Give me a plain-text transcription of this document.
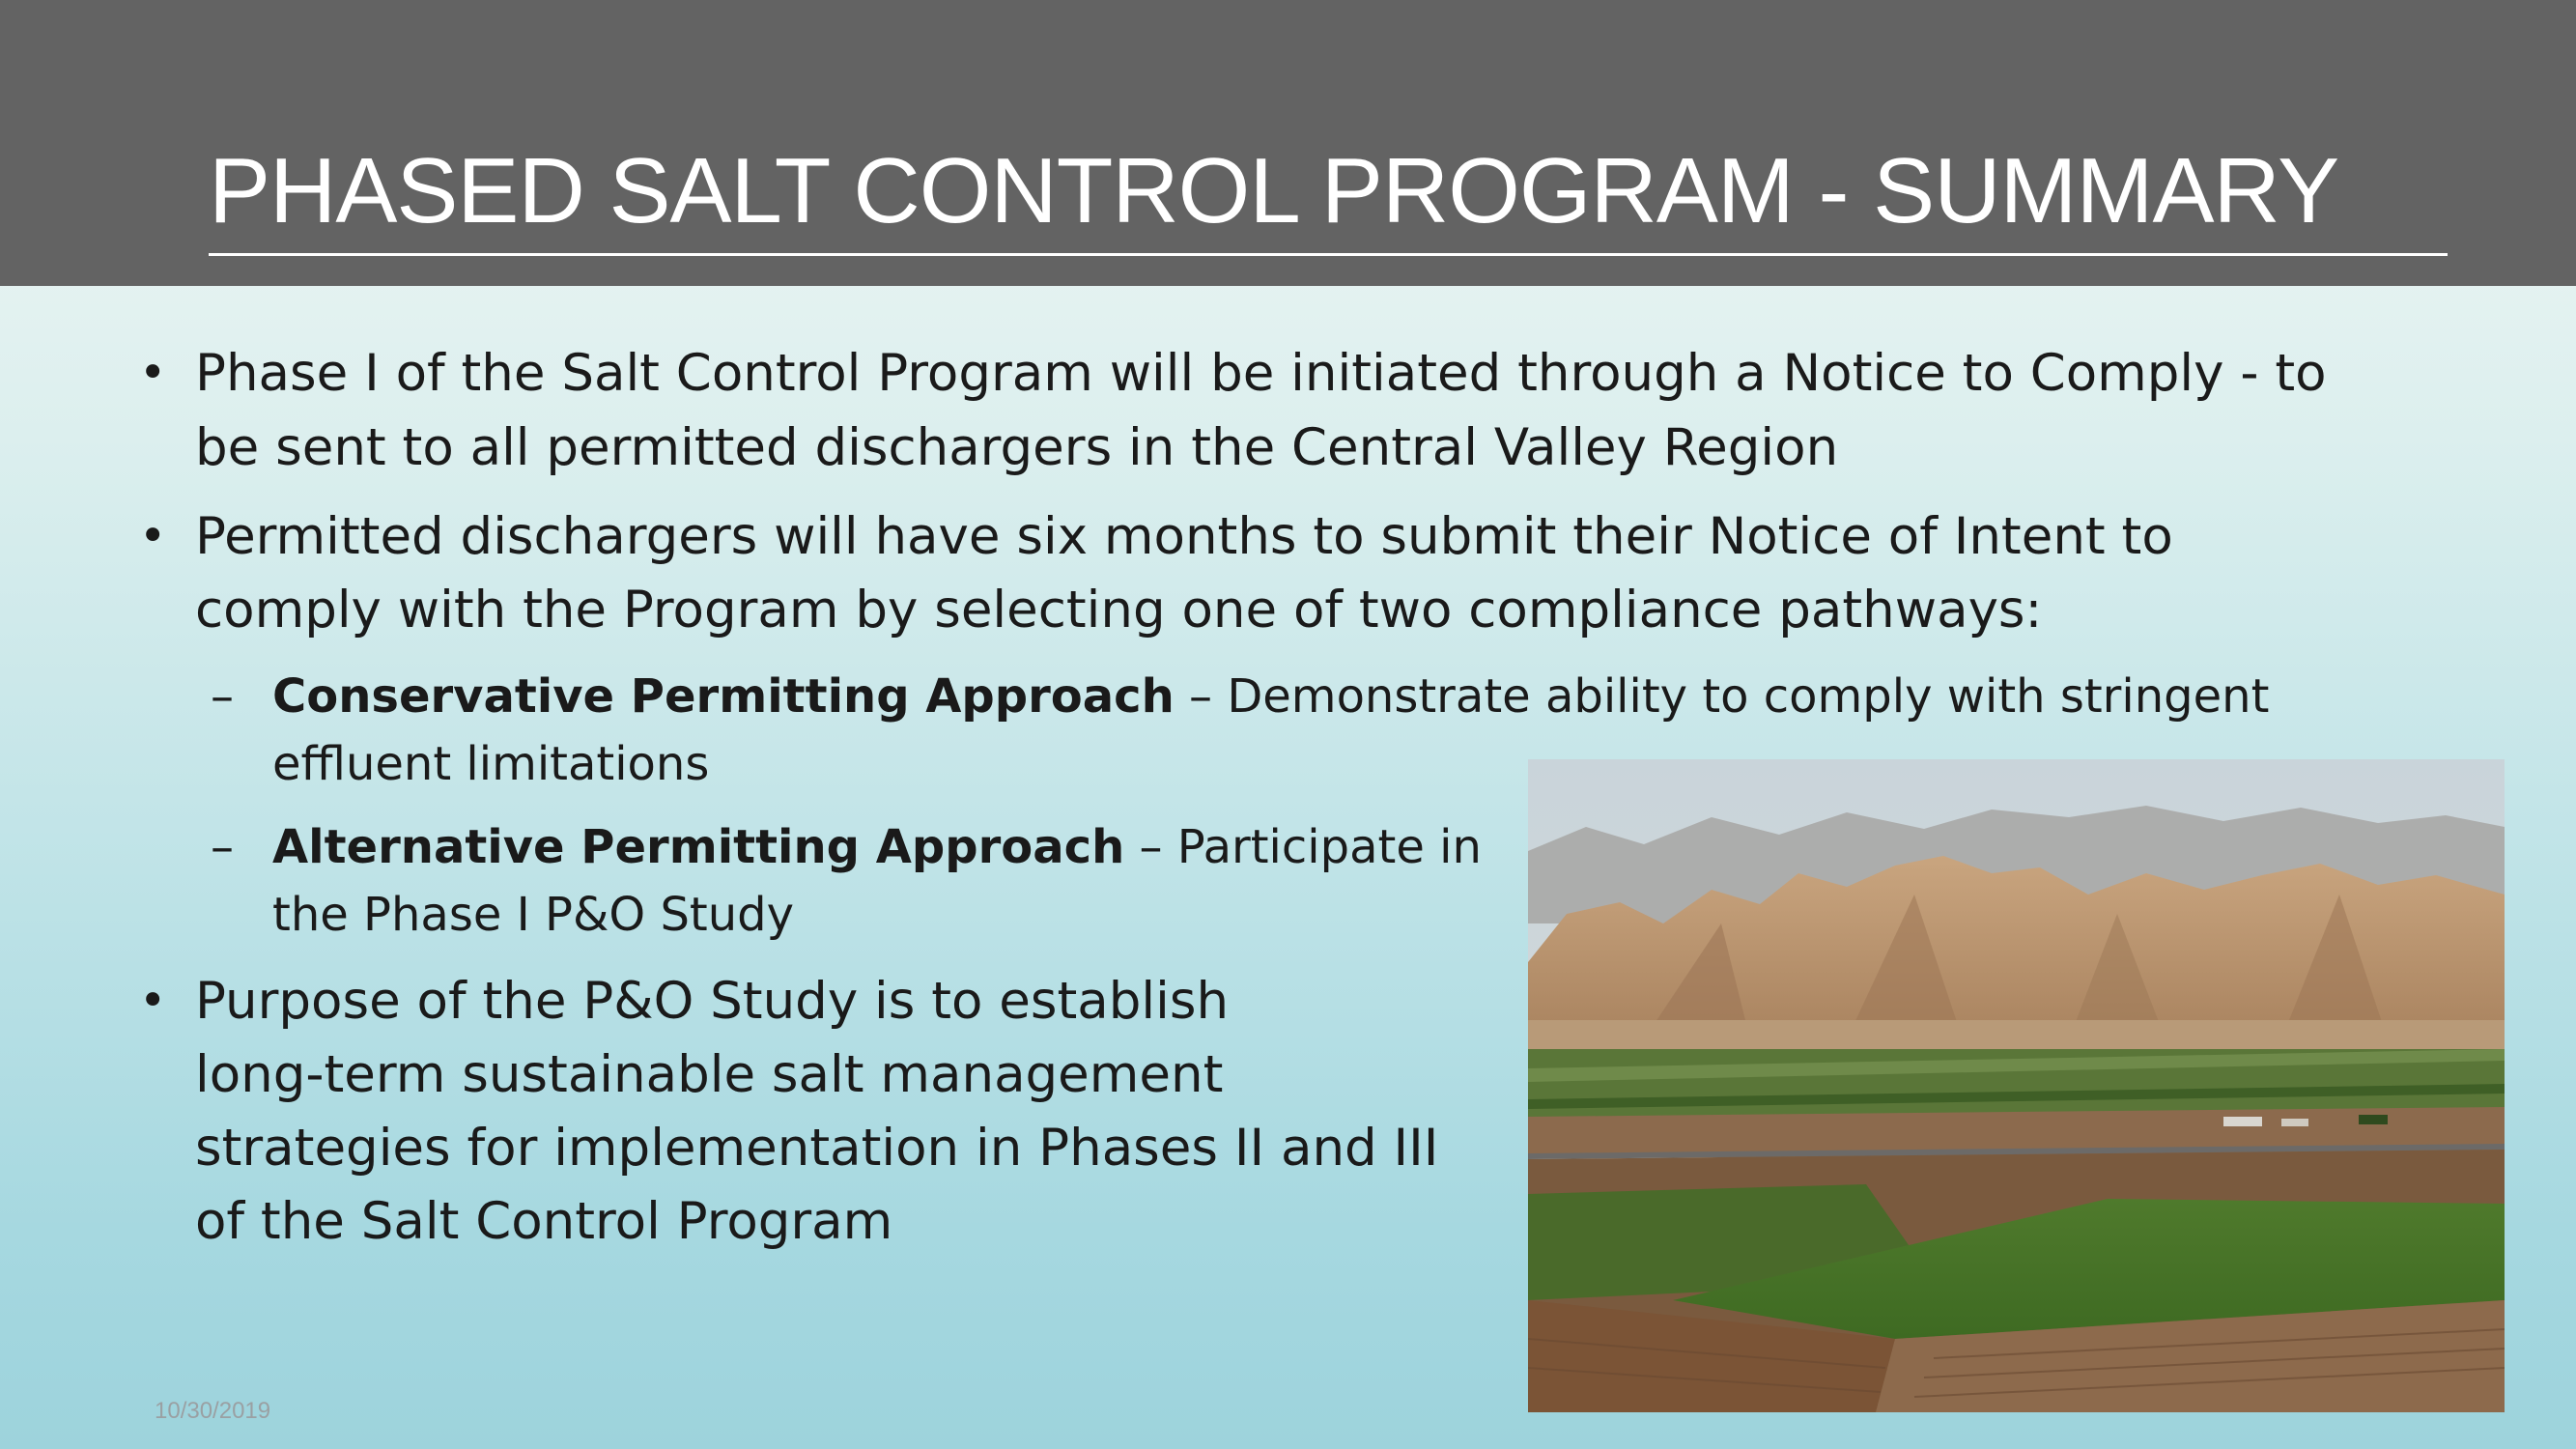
PHASED SALT CONTROL PROGRAM - SUMMARY
• Phase I of the Salt Control Program will be initiated through a Notice to Comply - to
be sent to all permitted dischargers in the Central Valley Region
• Permitted dischargers will have six months to submit their Notice of Intent to
comply with the Program by selecting one of two compliance pathways:
– Conservative Permitting Approach – Demonstrate ability to comply with stringent
effluent limitations
– Alternative Permitting Approach – Participate in
the Phase I P&O Study
• Purpose of the P&O Study is to establish
long-term sustainable salt management
strategies for implementation in Phases II and III
of the Salt Control Program
10/30/2019
